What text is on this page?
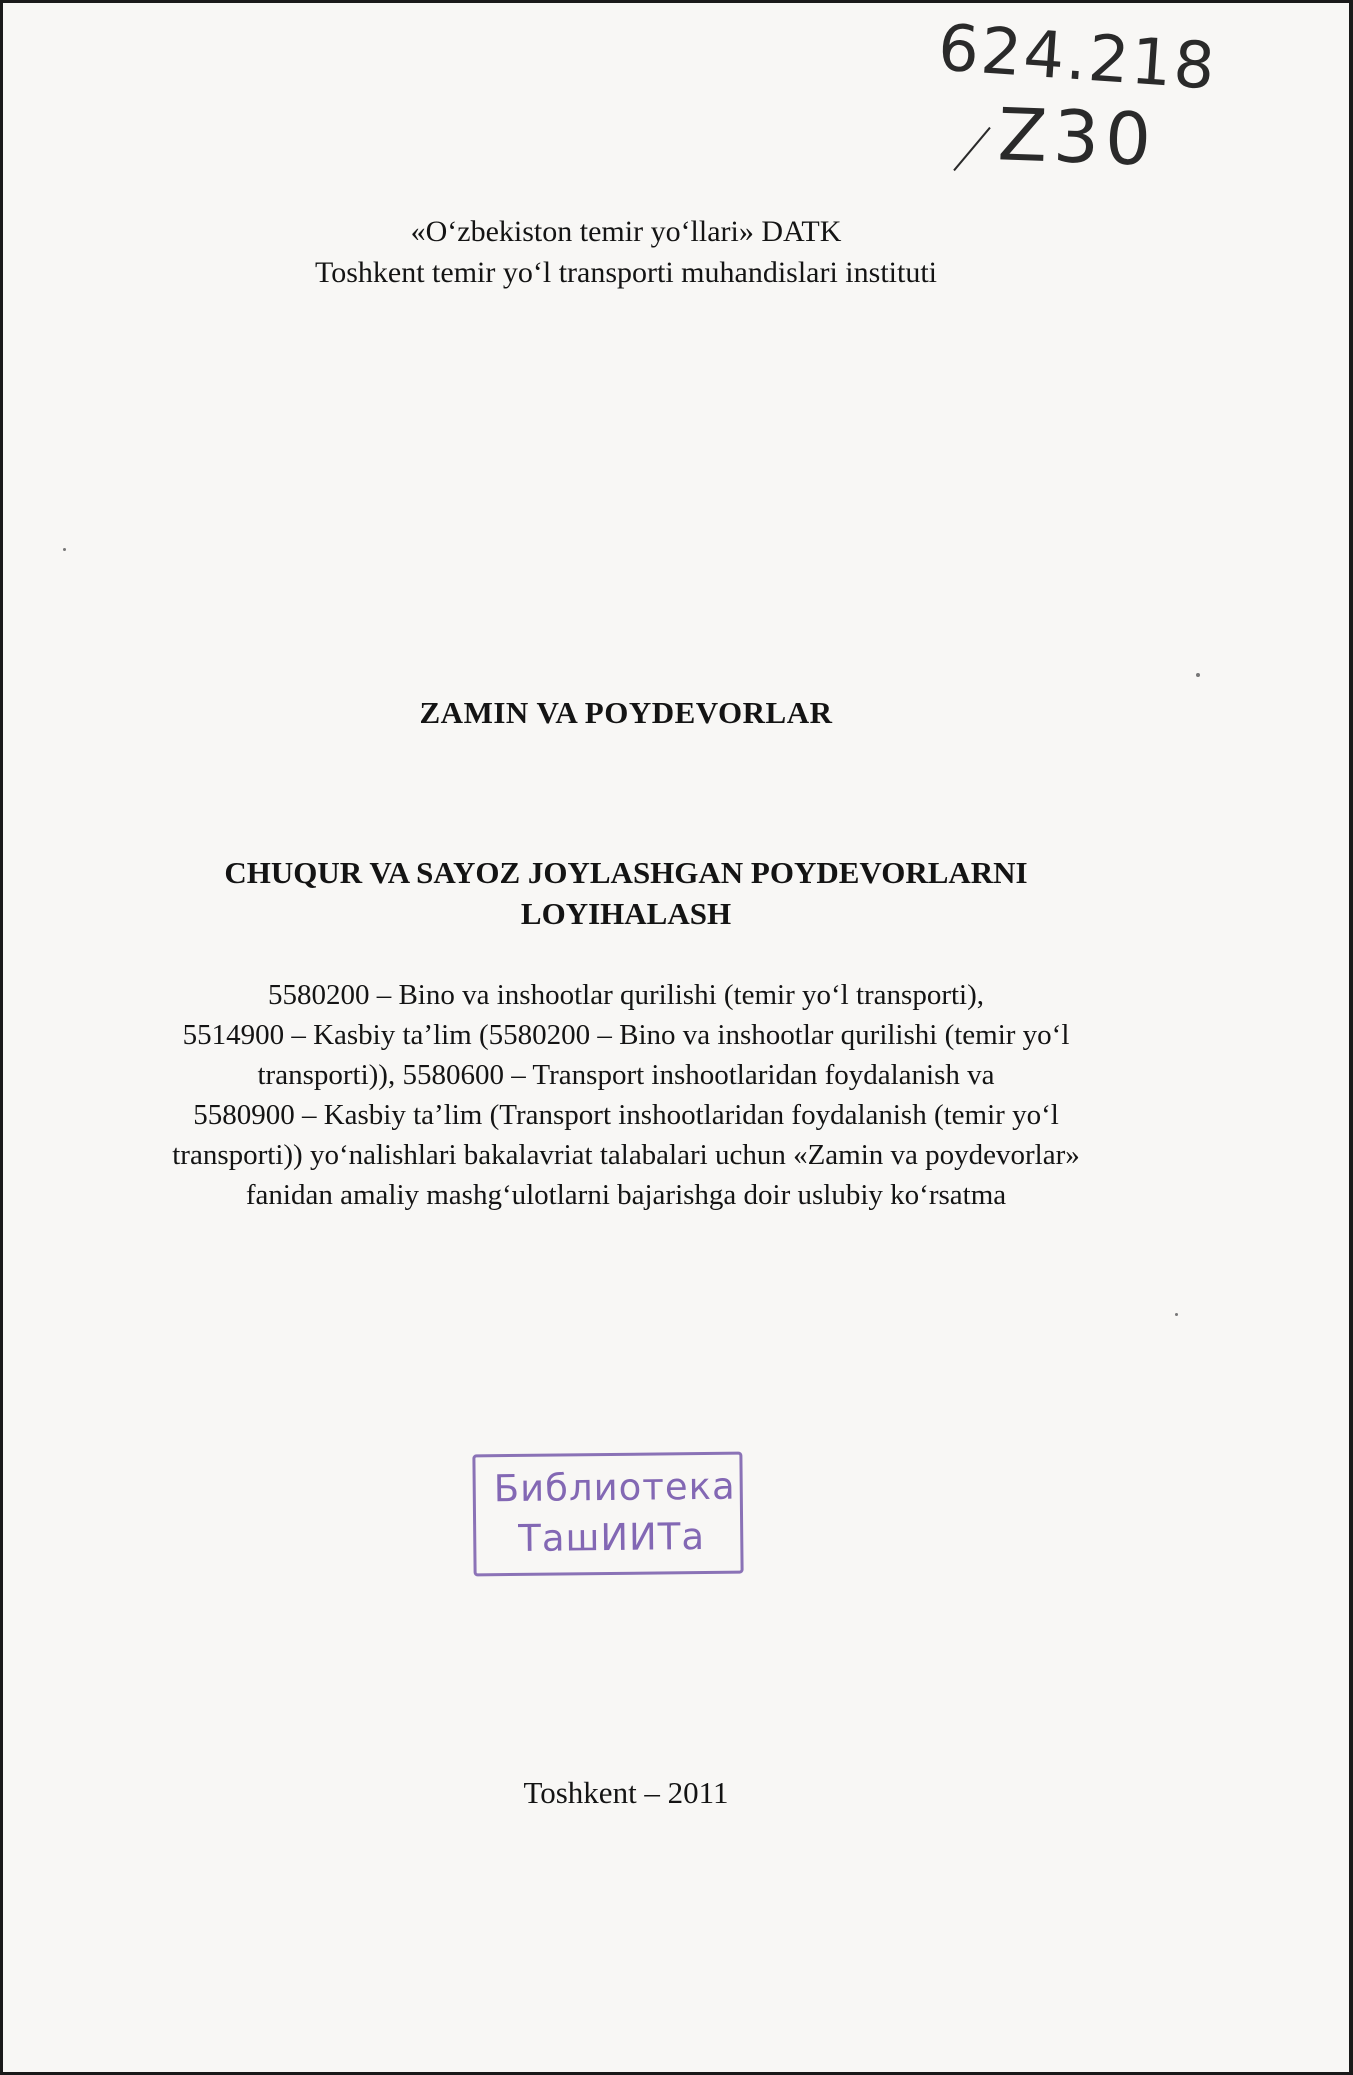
624.218
Z30
«O‘zbekiston temir yo‘llari» DATK
Toshkent temir yo‘l transporti muhandislari instituti
ZAMIN VA POYDEVORLAR
CHUQUR VA SAYOZ JOYLASHGAN POYDEVORLARNI
LOYIHALASH
5580200 – Bino va inshootlar qurilishi (temir yo‘l transporti),
5514900 – Kasbiy ta’lim (5580200 – Bino va inshootlar qurilishi (temir yo‘l
transporti)), 5580600 – Transport inshootlaridan foydalanish va
5580900 – Kasbiy ta’lim (Transport inshootlaridan foydalanish (temir yo‘l
transporti)) yo‘nalishlari bakalavriat talabalari uchun «Zamin va poydevorlar»
fanidan amaliy mashg‘ulotlarni bajarishga doir uslubiy ko‘rsatma
Библиотека
ТашИИТа
Toshkent – 2011
